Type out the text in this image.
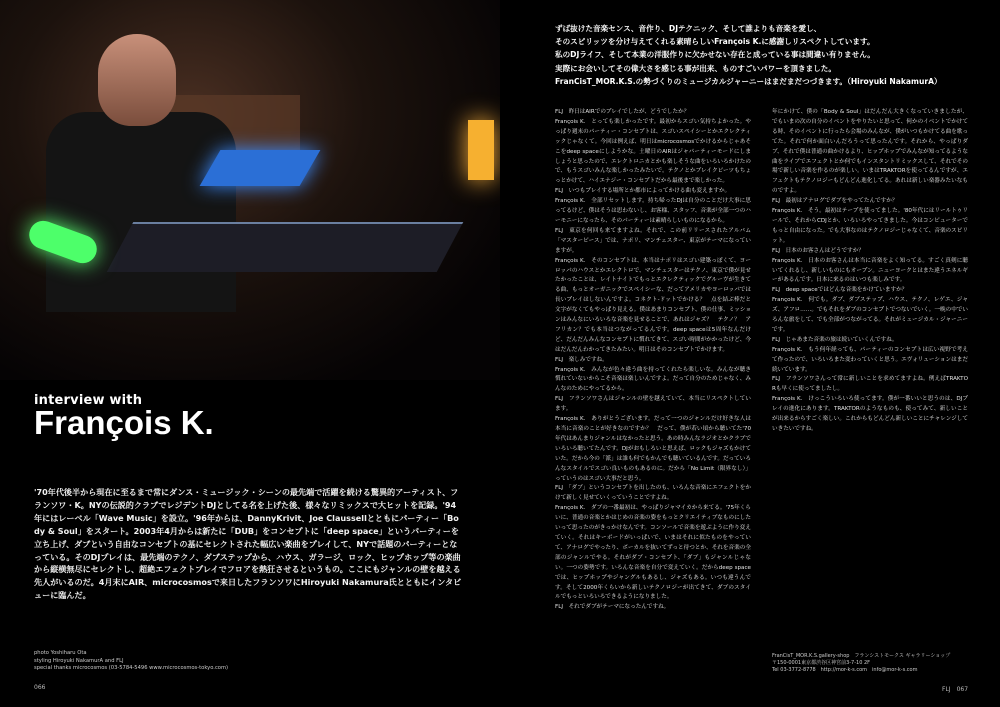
interview with
François K.
'70年代後半から現在に至るまで常にダンス・ミュージック・シーンの最先端で活躍を続ける驚異的アーティスト、フランソワ・K。NYの伝説的クラブでレジデントDJとしてる名を上げた後、様々なリミックスで大ヒットを記録。'94年にはレーベル「Wave Music」を設立。'96年からは、DannyKrivit、Joe Claussellとともにパーティー「Body & Soul」をスタート。2003年4月からは新たに「DUB」をコンセプトに「deep space」というパーティーを立ち上げ、ダブという自由なコンセプトの基にセレクトされた幅広い楽曲をプレイして、NYで話題のパーティーとなっている。そのDJプレイは、最先端のテクノ、ダブステップから、ハウス、ガラージ、ロック、ヒップホップ等の楽曲から縦横無尽にセレクトし、超絶エフェクトプレイでフロアを熱狂させるというもの。ここにもジャンルの壁を越える先人がいるのだ。4月末にAIR、microcosmosで来日したフランソワにHiroyuki Nakamura氏とともにインタビューに臨んだ。
photo Yoshiharu Ota
styling Hiroyuki NakamurA and FLJ
special thanks microcosmos (03-5784-5496 www.microcosmos-tokyo.com)
066

ずば抜けた音楽センス、音作り、DJテクニック、そして誰よりも音楽を愛し、

そのスピリッツを分け与えてくれる素晴らしいFrançois K.に感謝しリスペクトしています。

私のDJライフ、そして本業の洋服作りに欠かせない存在と成っている事は間違い有りません。

実際にお会いしてその偉大さを感じる事が出来、ものすごいパワーを頂きました。

FranCisT_MOR.K.S.の勢づくりのミュージカルジャーニーはまだまだつづきます。（Hiroyuki NakamurA）

FLJ　昨日はAIRでのプレイでしたが、どうでしたか？

François K.　とっても楽しかったです。最初からスゴい気持ちよかった。やっぱり週末のパーティー・コンセプトは、スゴいスペイシーとかエクレクティックじゃなくて。今回は例えば、明日はmicrocosmosでかけるからじゃあそこをdeep spaceにしようかな。土曜日のAIRはジャパーティーモードにしましょうと思ったので、エレクトロニカとかも楽しそうな曲をいろいろかけたので、もうスゴいみんな楽しかったみたいで。テクノとかブレイクビーツもちょっとかけて、ハイエナジー・コンセプトだから最後まで楽しかった。

FLJ　いつもプレイする場所とか都市によってかける曲も変えますか。

François K.　全部リセットします。持ち帰ったDJは自分のことだけ大事に思ってるけど、僕はそうは思わないし、お客様、スタッフ、音楽が全部一つのハーモニーになったら、そのパーティーは素晴らしいものになるから。

FLJ　東京を何回も来てますよね。それで、この前リリースされたアルバム「マスターピース」では、ナポリ、マンチェスター、東京がテーマになっていますが。

François K.　そのコンセプトは、本当はナポリはスゴい建築っぽくて、ヨーロッパのハウスとかエレクトロで、マンチェスターはテクノ、東京で僕が見せたかったことは、レイトナイトでもっとエクレクティックでグルーヴが生きてる曲、もっとオーガニックでスペイシーな、だってアメリカやヨーロッパでは長いプレイはしないんですよ。コネクト-ドットでかける？　点を結ぶ棒だと文字がなくてもやっぱり見える。僕はあまりコンセプト、僕の仕事、ミッションはみんなにいろいろな音楽を見せることで、あれはジャズ？　テクノ？　アフリカン？でも本当はつながってるんです。deep spaceは5周年なんだけど、だんだんみんなコンセプトに慣れてきて、スゴい時間がかかったけど、今はだんだんわかってきたみたい。明日はそのコンセプトでかけます。

FLJ　楽しみですね。

François K.　みんなが色々違う曲を持ってくれたら楽しいな。みんなが聴き慣れていないからこそ音楽は楽しいんですよ。だって自分のためじゃなく、みんなのためにやってるから。

FLJ　フランソワさんはジャンルの壁を越えていて、本当にリスペクトしています。

François K.　ありがとうございます。だって一つのジャンルだけ好きな人は本当に音楽のことが好きなのですか？　だって、僕が若い頃から聴いてた'70年代はあんまりジャンルはなかったと思う。あの時みんなラジオとかクラブでいろいろ聴いてたんです。DJがおもしろいと思えば、ロックもジャズもかけていた。だから今の「派」は誰も何でもかんでも聴いているんです。だっていろんなスタイルでスゴい良いものもあるのに。だから「No Limit（限界なし）」っていうのはスゴい大事だと思う。

FLJ　「ダブ」というコンセプトを出したのも、いろんな音楽にエフェクトをかけて新しく見せていくっていうことですよね。

François K.　ダブの一番最初は、やっぱりジャマイカから来てる。'75年くらいに、普通の音楽とかはじめの音楽の姿をもっとクリエイティブなものにしたいって思ったのがきっかけなんです。コンソールで音楽を遊ぶように作り変えていく。それはキーボードがいっぱいで、いまはそれに似たものをやっていて、アナログでやったり、ボーカルを抜いてずっと待つとか、それを音楽の全部のジャンルでやる。それがダブ・コンセプト、「ダブ」もジャンルじゃない。一つの姿勢です。いろんな音楽を自分で変えていく。だからdeep spaceでは、ヒップホップやジャングルもあるし、ジャズもある。いつも違うんです。そして2000年くらいから新しいテクノロジーが出てきて、ダブのスタイルでもっといろいろできるようになりました。

FLJ　それでダブがテーマになったんですね。

年にかけて、僕の「Body & Soul」はだんだん大きくなっていきましたが、でもいまの次の自分のイベントをやりたいと思って、何かのイベントでかけてる時、そのイベントに行ったら会場のみんなが、僕がいつもかけてる曲を歌ってた。それで何か面白いんだろうって思ったんです。それから、やっぱりダブ、それで僕は普通の曲かけるより、ヒップホップでみんなが知ってるような曲をライブでエフェクトとか何でもインスタントリミックスして、それでその場で新しい音楽を作るのが楽しい。いまはTRAKTORを使ってるんですが、エフェクトもテクノロジーもどんどん進化してる。あれは新しい楽器みたいなものですよ。

FLJ　最初はアナログでダブをやってたんですか？

François K.　そう。最初はテープを使ってました。'80年代にはリールトゥリールで、それからCDJとか、いろいろやってきました。今はコンピューターでもっと自由になった。でも大事なのはテクノロジーじゃなくて、音楽のスピリット。

FLJ　日本のお客さんはどうですか？

François K.　日本のお客さんは本当に音楽をよく知ってる。すごく真剣に聴いてくれるし、新しいものにもオープン。ニューヨークとはまた違うエネルギーがあるんです。日本に来るのはいつも楽しみです。

FLJ　deep spaceではどんな音楽をかけていますか？

François K.　何でも。ダブ、ダブステップ、ハウス、テクノ、レゲエ、ジャズ、アフロ……。でもそれをダブのコンセプトでつないでいく。一晩の中でいろんな旅をして、でも全部がつながってる。それがミュージカル・ジャーニーです。

FLJ　じゃあまた音楽の旅は続いていくんですね。

François K.　もう何年経っても、パーティーのコンセプトは広い視野で考えて作ったので、いろいろまた変わっていくと思う。エヴォリューションはまだ続いています。

FLJ　フランソワさんって常に新しいことを求めてますよね。例えばTRAKTORも早くに使ってましたし。

François K.　けっこういろいろ使ってます。僕が一番いいと思うのは、DJプレイの進化にあります。TRAKTORのようなものも、使ってみて、新しいことが出来るからすごく楽しい。これからもどんどん新しいことにチャレンジしていきたいですね。

FranCisT_MOR.K.S.gallery-shop　フランシストモークス ギャラリーショップ
〒150-0001東京都渋谷区神宮前3-7-10 2F
Tel 03-3772-8778　http://mor-k-s.com　info@mor-k-s.com
FLJ　067
